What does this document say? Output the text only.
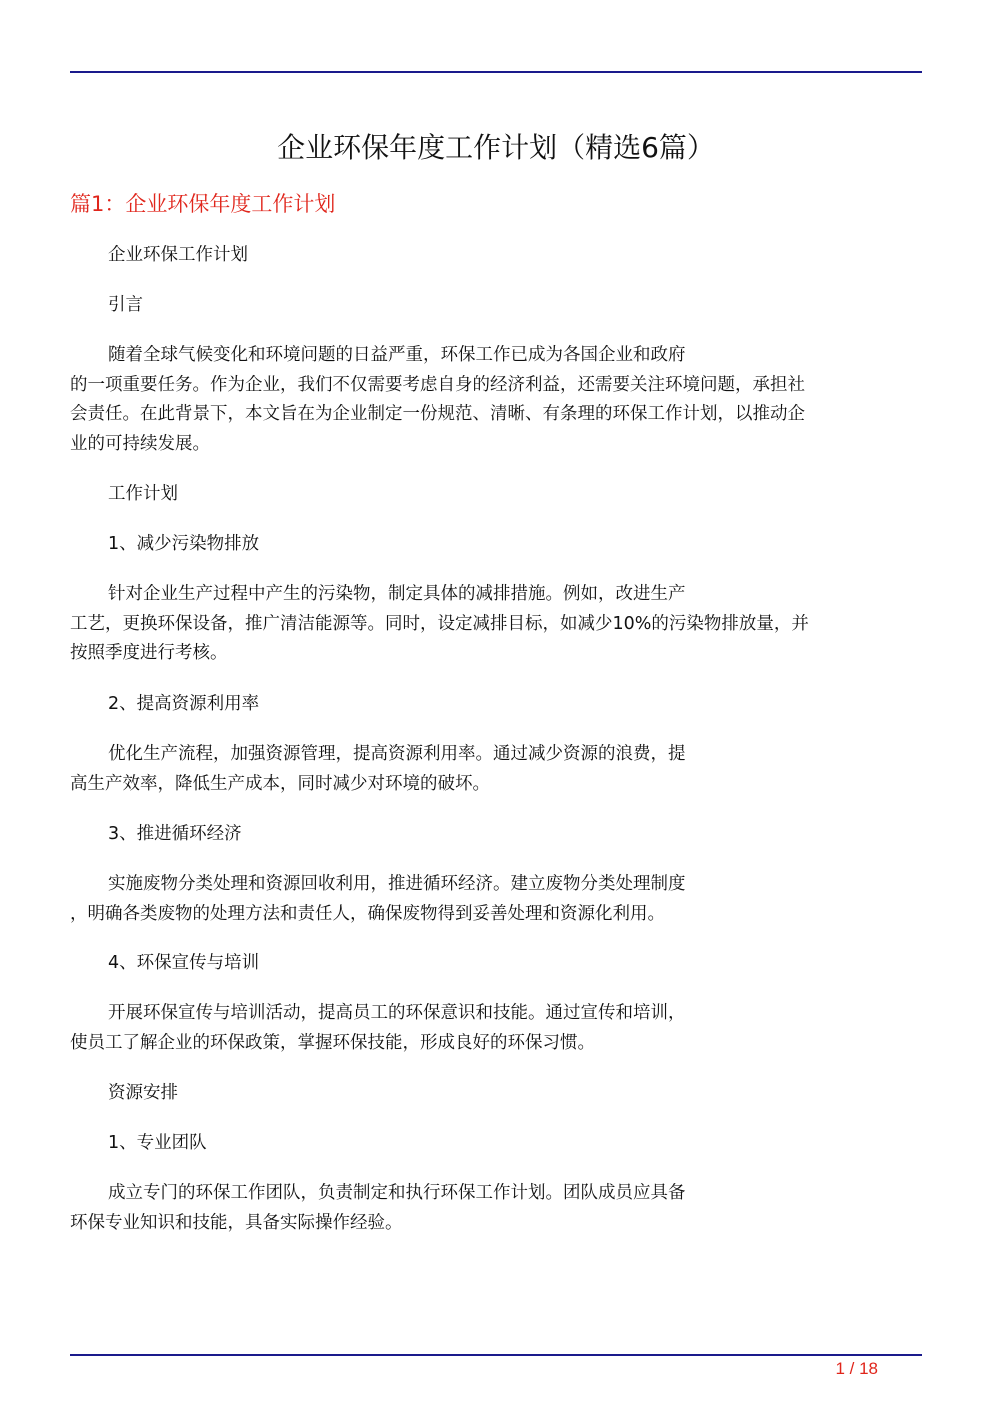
企业环保年度工作计划（精选6篇）
篇1：企业环保年度工作计划
企业环保工作计划
引言
随着全球气候变化和环境问题的日益严重，环保工作已成为各国企业和政府
的一项重要任务。作为企业，我们不仅需要考虑自身的经济利益，还需要关注环境问题，承担社
会责任。在此背景下，本文旨在为企业制定一份规范、清晰、有条理的环保工作计划，以推动企
业的可持续发展。
工作计划
1、减少污染物排放
针对企业生产过程中产生的污染物，制定具体的减排措施。例如，改进生产
工艺，更换环保设备，推广清洁能源等。同时，设定减排目标，如减少10%的污染物排放量，并
按照季度进行考核。
2、提高资源利用率
优化生产流程，加强资源管理，提高资源利用率。通过减少资源的浪费，提
高生产效率，降低生产成本，同时减少对环境的破坏。
3、推进循环经济
实施废物分类处理和资源回收利用，推进循环经济。建立废物分类处理制度
，明确各类废物的处理方法和责任人，确保废物得到妥善处理和资源化利用。
4、环保宣传与培训
开展环保宣传与培训活动，提高员工的环保意识和技能。通过宣传和培训，
使员工了解企业的环保政策，掌握环保技能，形成良好的环保习惯。
资源安排
1、专业团队
成立专门的环保工作团队，负责制定和执行环保工作计划。团队成员应具备
环保专业知识和技能，具备实际操作经验。
1 / 18
